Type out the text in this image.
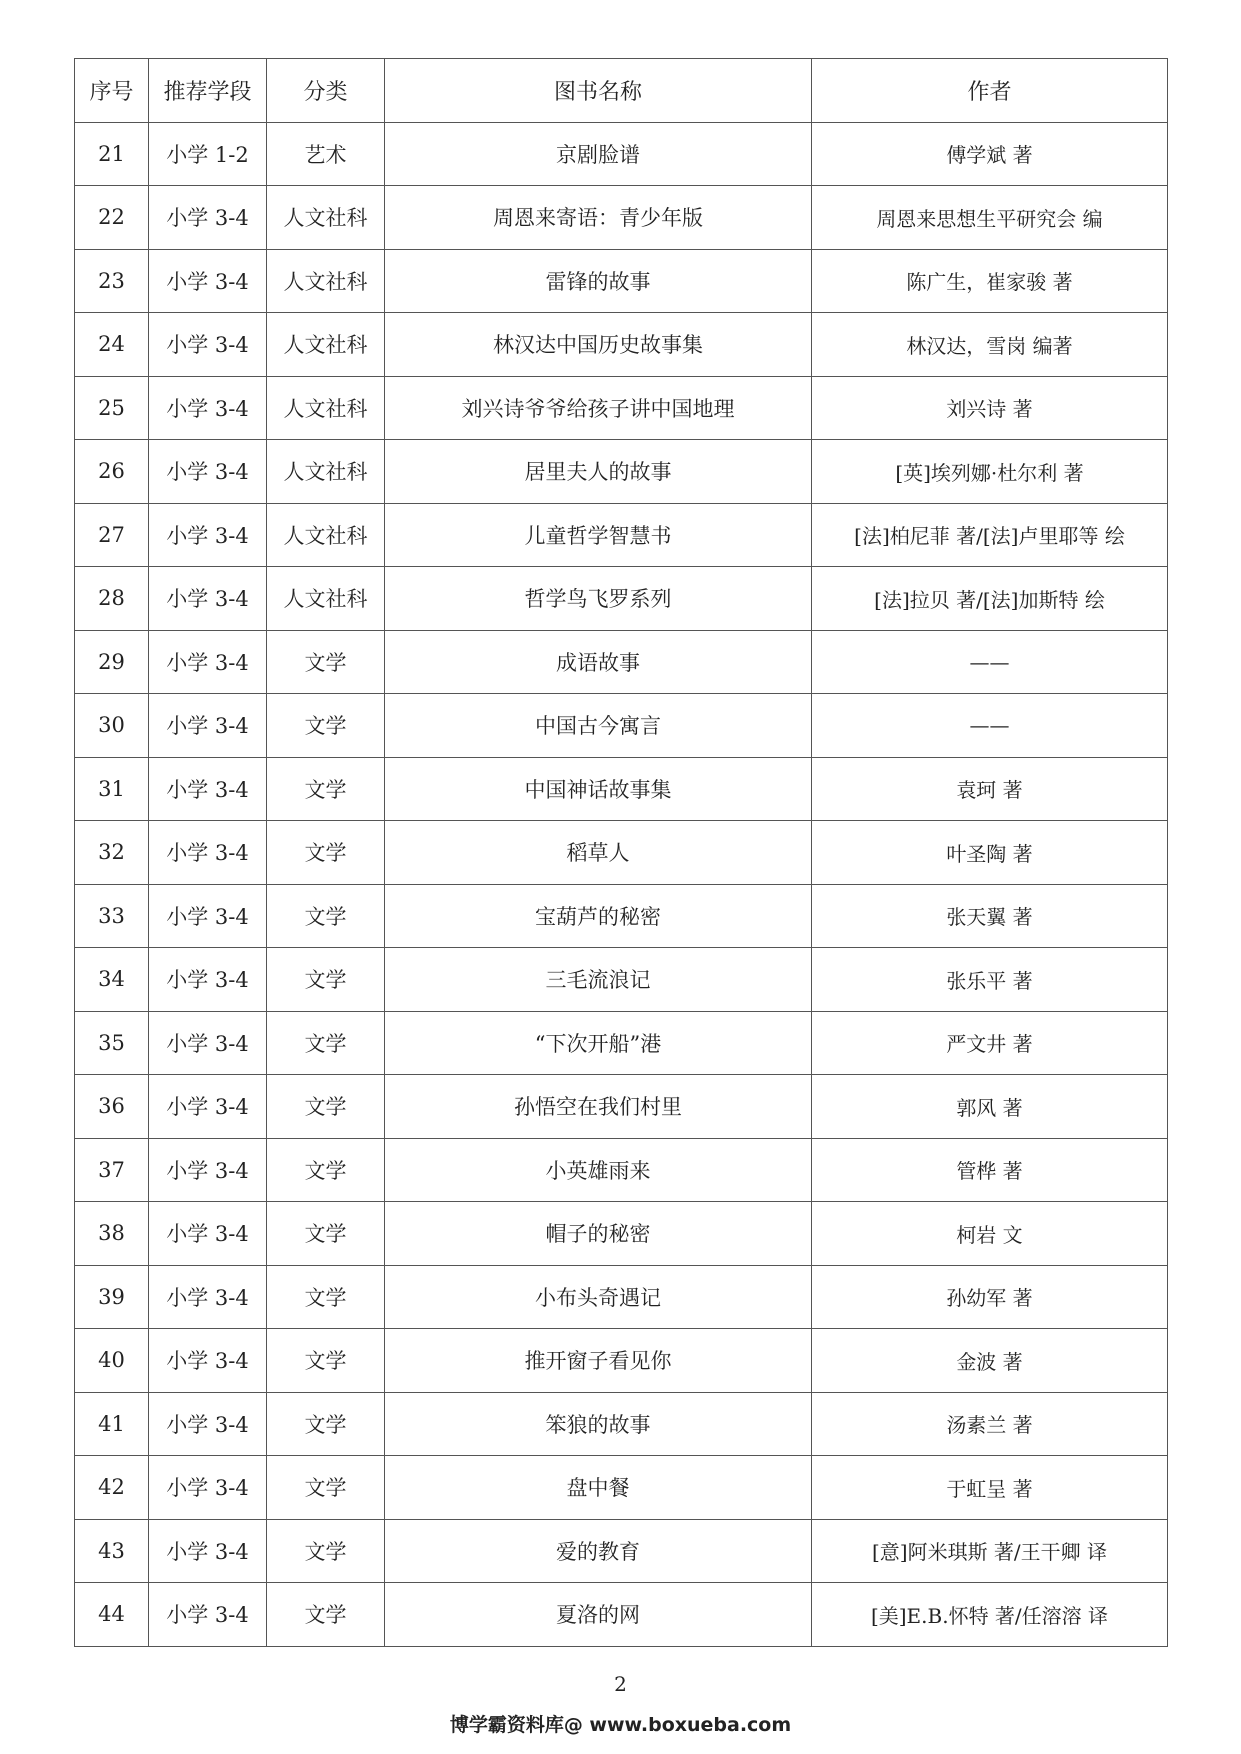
序号	推荐学段	分类	图书名称	作者
21	小学 1-2	艺术	京剧脸谱	傅学斌 著
22	小学 3-4	人文社科	周恩来寄语：青少年版	周恩来思想生平研究会 编
23	小学 3-4	人文社科	雷锋的故事	陈广生，崔家骏 著
24	小学 3-4	人文社科	林汉达中国历史故事集	林汉达，雪岗 编著
25	小学 3-4	人文社科	刘兴诗爷爷给孩子讲中国地理	刘兴诗 著
26	小学 3-4	人文社科	居里夫人的故事	[英]埃列娜·杜尔利 著
27	小学 3-4	人文社科	儿童哲学智慧书	[法]柏尼菲 著/[法]卢里耶等 绘
28	小学 3-4	人文社科	哲学鸟飞罗系列	[法]拉贝 著/[法]加斯特 绘
29	小学 3-4	文学	成语故事	——
30	小学 3-4	文学	中国古今寓言	——
31	小学 3-4	文学	中国神话故事集	袁珂 著
32	小学 3-4	文学	稻草人	叶圣陶 著
33	小学 3-4	文学	宝葫芦的秘密	张天翼 著
34	小学 3-4	文学	三毛流浪记	张乐平 著
35	小学 3-4	文学	“下次开船”港	严文井 著
36	小学 3-4	文学	孙悟空在我们村里	郭风 著
37	小学 3-4	文学	小英雄雨来	管桦 著
38	小学 3-4	文学	帽子的秘密	柯岩 文
39	小学 3-4	文学	小布头奇遇记	孙幼军 著
40	小学 3-4	文学	推开窗子看见你	金波 著
41	小学 3-4	文学	笨狼的故事	汤素兰 著
42	小学 3-4	文学	盘中餐	于虹呈 著
43	小学 3-4	文学	爱的教育	[意]阿米琪斯 著/王干卿 译
44	小学 3-4	文学	夏洛的网	[美]E.B.怀特 著/任溶溶 译
2
博学霸资料库@ www.boxueba.com
